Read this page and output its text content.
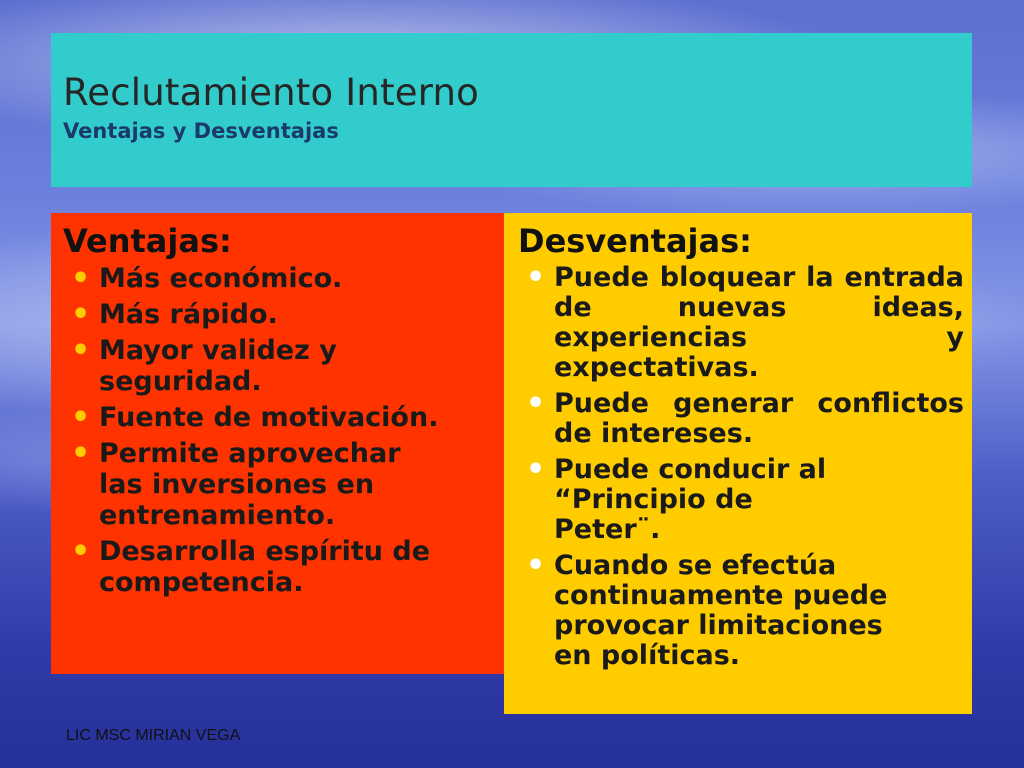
Reclutamiento Interno
Ventajas y Desventajas
Ventajas:
• Más económico.
• Más rápido.
• Mayor validez y seguridad.
• Fuente de motivación.
• Permite aprovechar las inversiones en entrenamiento.
• Desarrolla espíritu de competencia.
Desventajas:
• Puede bloquear la entrada de nuevas ideas, experiencias y expectativas.
• Puede generar conflictos de intereses.
• Puede conducir al “Principio de Peter¨.
• Cuando se efectúa continuamente puede provocar limitaciones en políticas.
LIC MSC MIRIAN VEGA
